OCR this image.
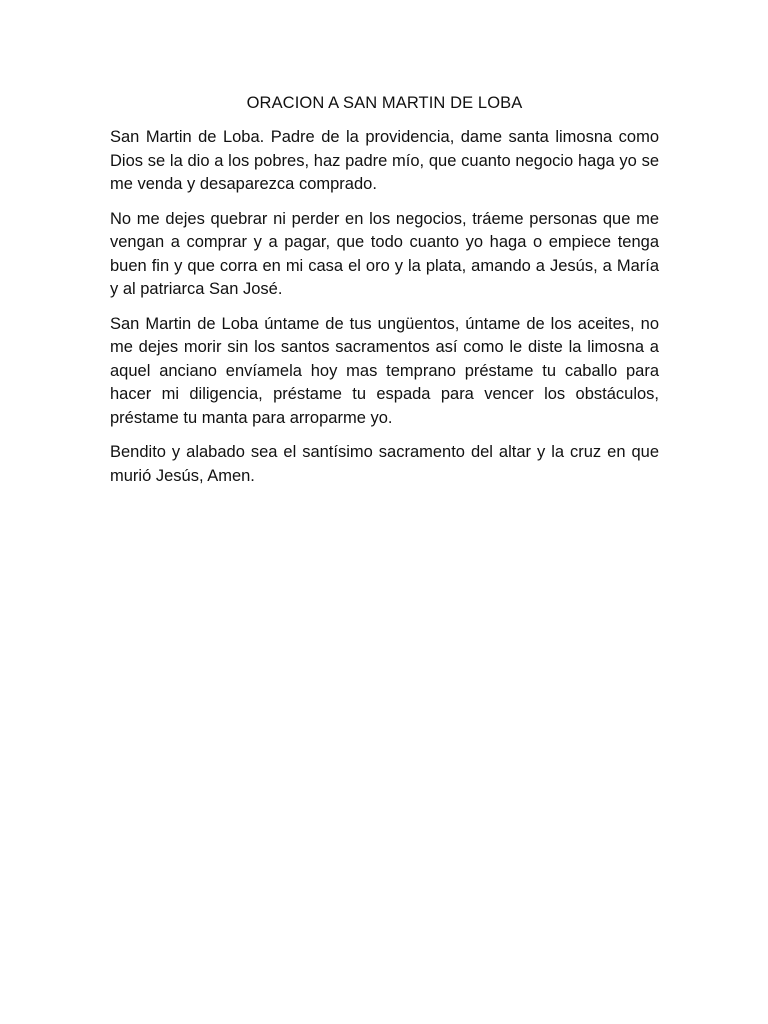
ORACION A SAN MARTIN DE LOBA

San Martin de Loba. Padre de la providencia, dame santa limosna como Dios se la dio a los pobres, haz padre mío, que cuanto negocio haga yo se me venda y desaparezca comprado.

No me dejes quebrar ni perder en los negocios, tráeme personas que me vengan a comprar y a pagar, que todo cuanto yo haga o empiece tenga buen fin y que corra en mi casa el oro y la plata, amando a Jesús, a María y al patriarca San José.

San Martin de Loba úntame de tus ungüentos, úntame de los aceites, no me dejes morir sin los santos sacramentos así como le diste la limosna a aquel anciano envíamela hoy mas temprano préstame tu caballo para hacer mi diligencia, préstame tu espada para vencer los obstáculos, préstame tu manta para arroparme yo.

Bendito y alabado sea el santísimo sacramento del altar y la cruz en que murió Jesús, Amen.
